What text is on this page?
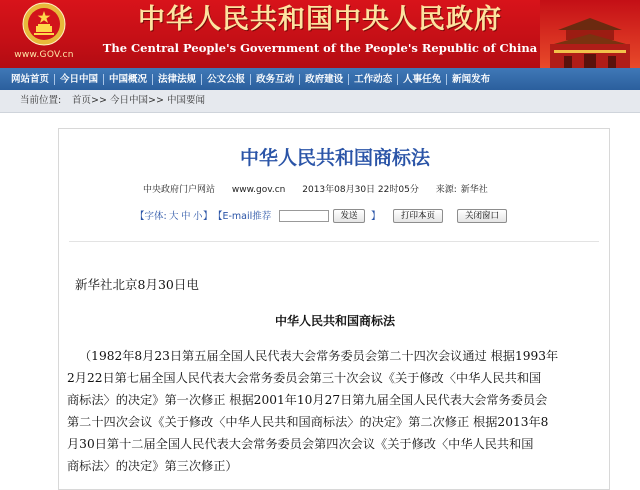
www.GOV.cn
中华人民共和国中央人民政府
The Central People's Government of the People's Republic of China
网站首页	今日中国	中国概况	法律法规	公文公报	政务互动	政府建设	工作动态	人事任免	新闻发布
当前位置: 首页>> 今日中国>> 中国要闻
中华人民共和国商标法
中央政府门户网站 www.gov.cn 2013年08月30日 22时05分 来源: 新华社
【字体: 大 中 小 】 【E-mail推荐	发送	】	打印本页	关闭窗口
新华社北京8月30日电
中华人民共和国商标法
（1982年8月23日第五届全国人民代表大会常务委员会第二十四次会议通过 根据1993年
2月22日第七届全国人民代表大会常务委员会第三十次会议《关于修改〈中华人民共和国
商标法〉的决定》第一次修正 根据2001年10月27日第九届全国人民代表大会常务委员会
第二十四次会议《关于修改〈中华人民共和国商标法〉的决定》第二次修正 根据2013年8
月30日第十二届全国人民代表大会常务委员会第四次会议《关于修改〈中华人民共和国
商标法〉的决定》第三次修正）
